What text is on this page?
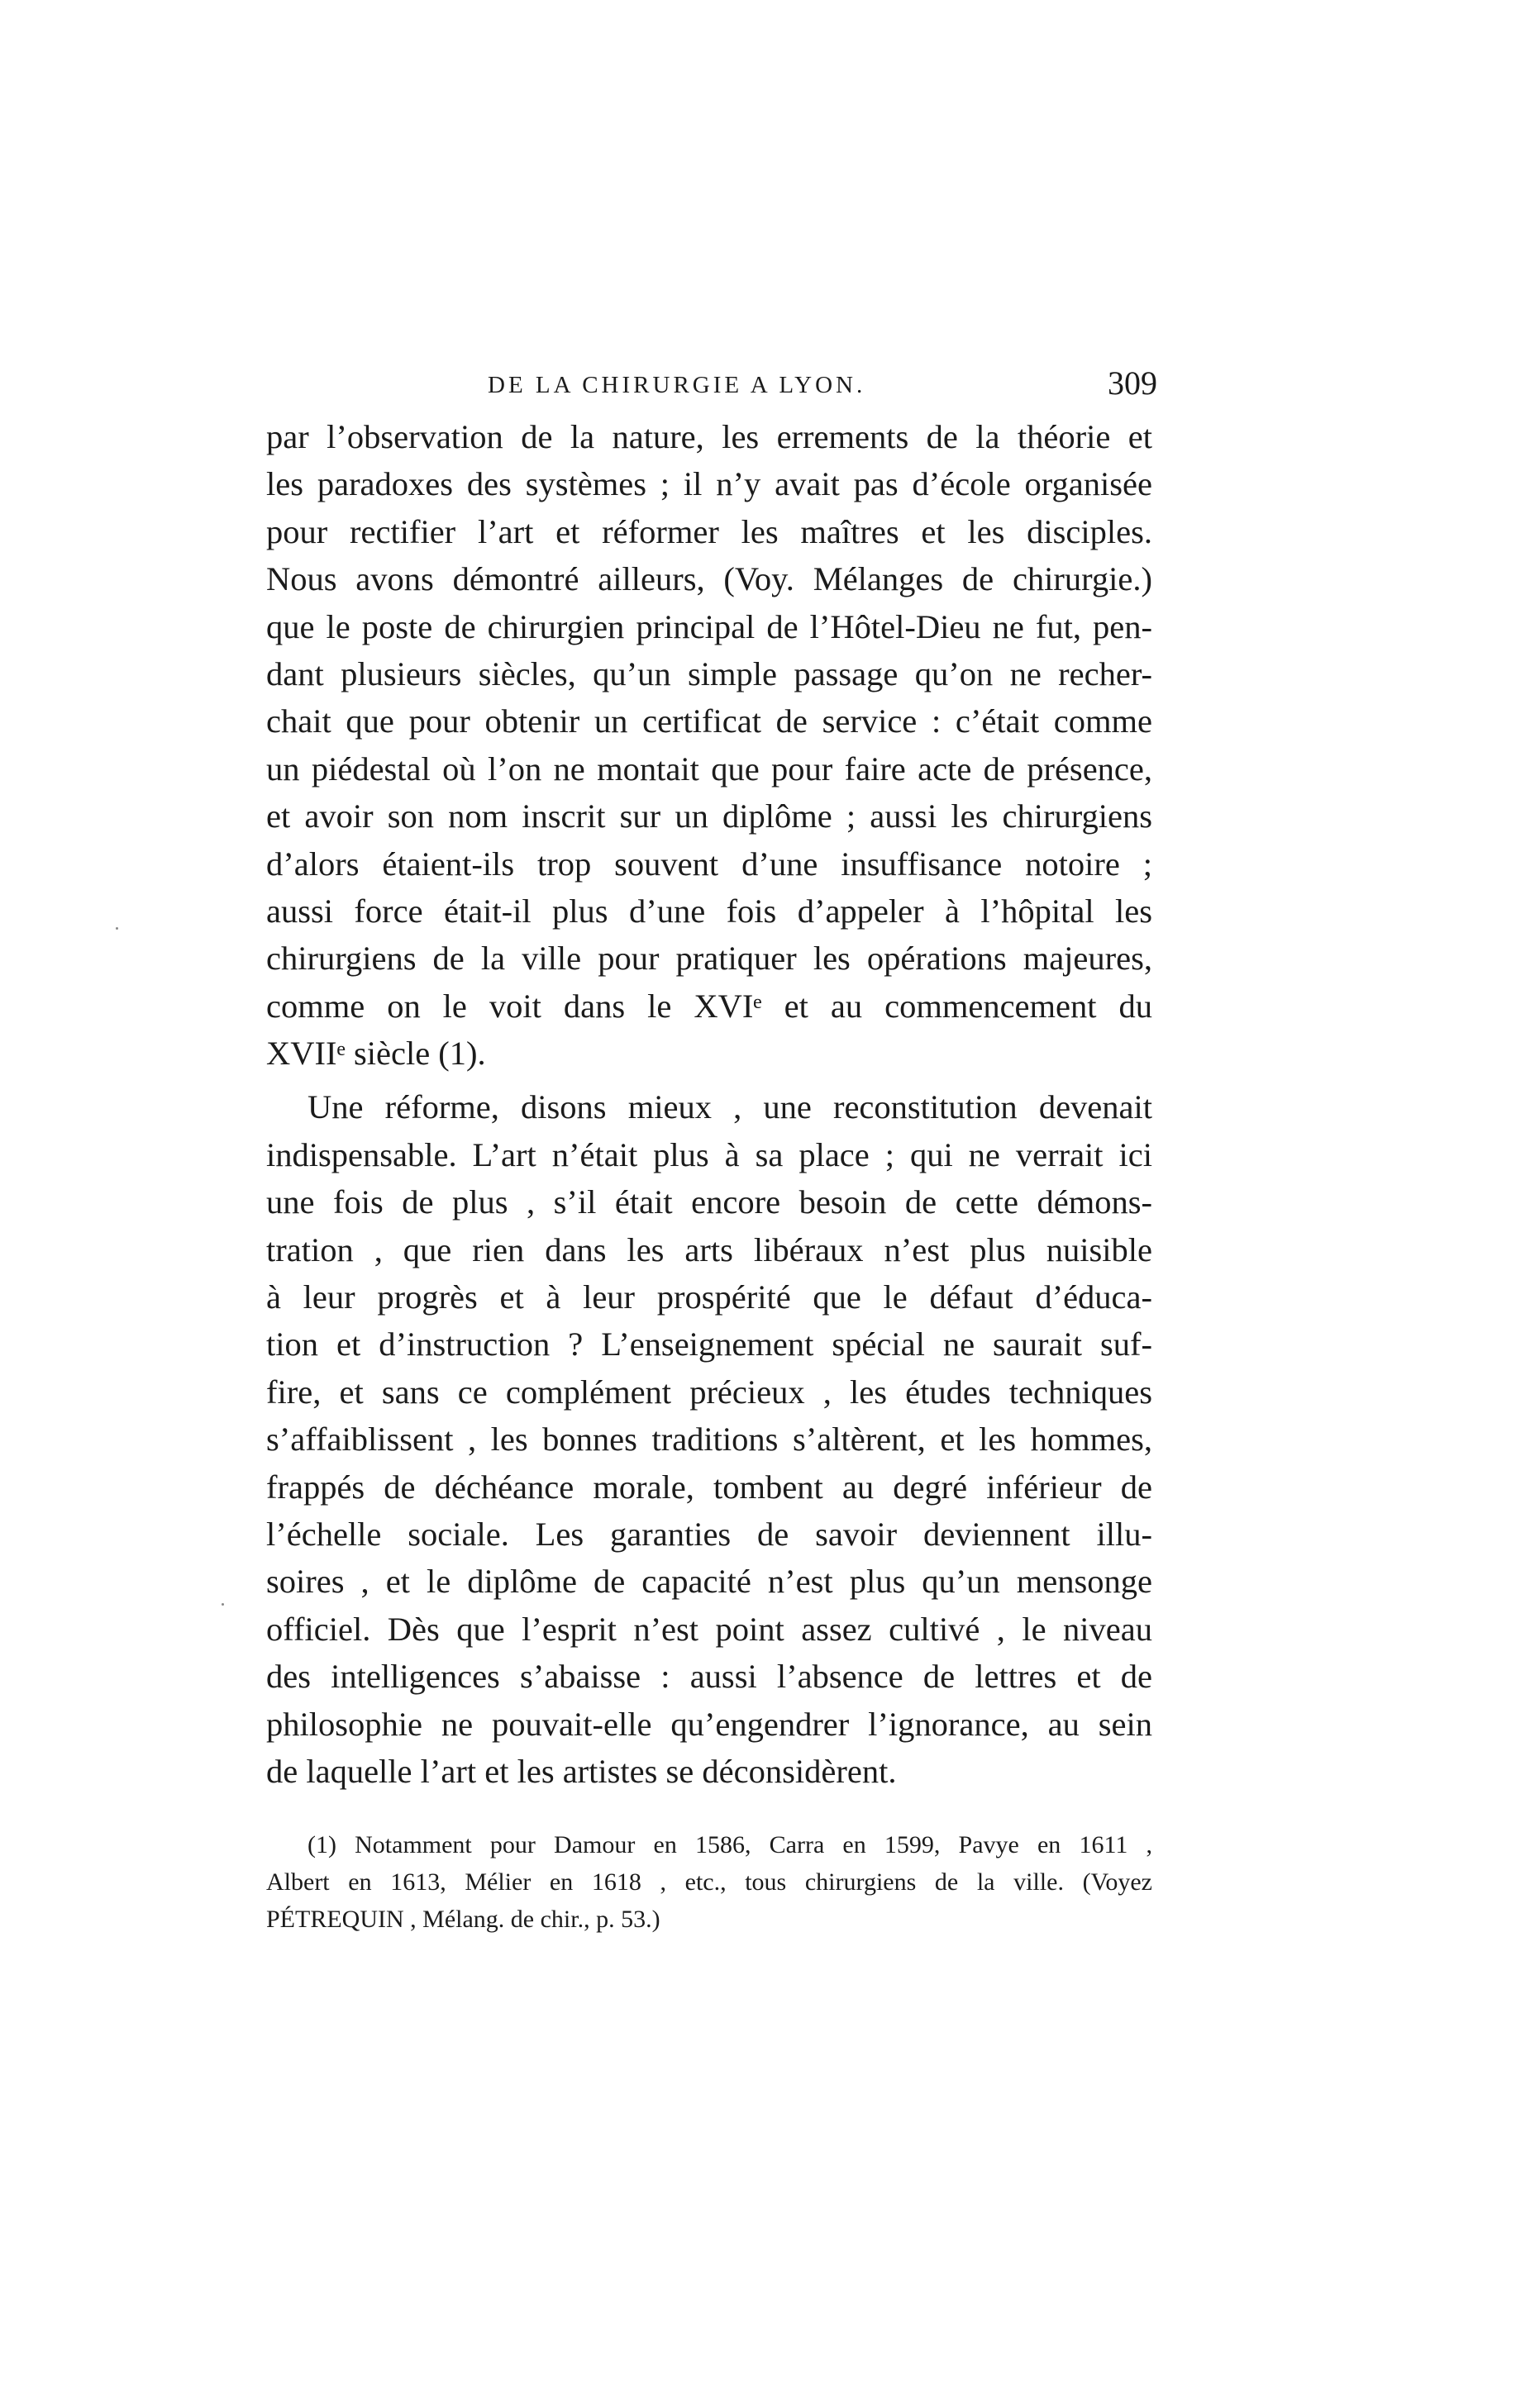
DE LA CHIRURGIE A LYON.	309
par l’observation de la nature, les errements de la théorie et
les paradoxes des systèmes ; il n’y avait pas d’école organisée
pour rectifier l’art et réformer les maîtres et les disciples.
Nous avons démontré ailleurs, (Voy. Mélanges de chirurgie.)
que le poste de chirurgien principal de l’Hôtel-Dieu ne fut, pen-
dant plusieurs siècles, qu’un simple passage qu’on ne recher-
chait que pour obtenir un certificat de service : c’était comme
un piédestal où l’on ne montait que pour faire acte de présence,
et avoir son nom inscrit sur un diplôme ; aussi les chirurgiens
d’alors étaient-ils trop souvent d’une insuffisance notoire ;
aussi force était-il plus d’une fois d’appeler à l’hôpital les
chirurgiens de la ville pour pratiquer les opérations majeures,
comme on le voit dans le XVIᵉ et au commencement du
XVIIᵉ siècle (1).
Une réforme, disons mieux , une reconstitution devenait
indispensable. L’art n’était plus à sa place ; qui ne verrait ici
une fois de plus , s’il était encore besoin de cette démons-
tration , que rien dans les arts libéraux n’est plus nuisible
à leur progrès et à leur prospérité que le défaut d’éduca-
tion et d’instruction ? L’enseignement spécial ne saurait suf-
fire, et sans ce complément précieux , les études techniques
s’affaiblissent , les bonnes traditions s’altèrent, et les hommes,
frappés de déchéance morale, tombent au degré inférieur de
l’échelle sociale. Les garanties de savoir deviennent illu-
soires , et le diplôme de capacité n’est plus qu’un mensonge
officiel. Dès que l’esprit n’est point assez cultivé , le niveau
des intelligences s’abaisse : aussi l’absence de lettres et de
philosophie ne pouvait-elle qu’engendrer l’ignorance, au sein
de laquelle l’art et les artistes se déconsidèrent.
(1) Notamment pour Damour en 1586, Carra en 1599, Pavye en 1611 ,
Albert en 1613, Mélier en 1618 , etc., tous chirurgiens de la ville. (Voyez
PÉTREQUIN , Mélang. de chir., p. 53.)
